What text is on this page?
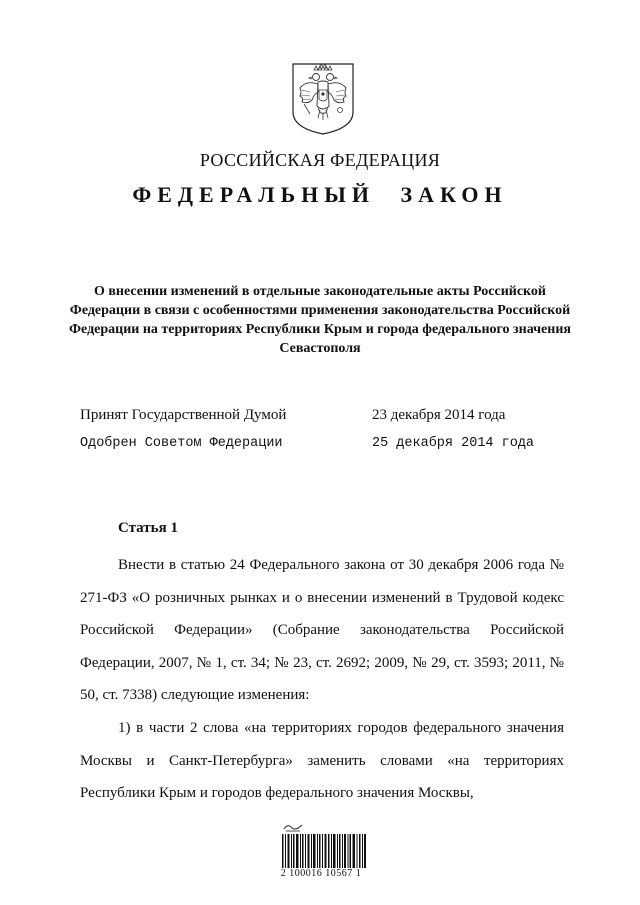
РОССИЙСКАЯ ФЕДЕРАЦИЯ
ФЕДЕРАЛЬНЫЙ ЗАКОН
О внесении изменений в отдельные законодательные акты Российской Федерации в связи с особенностями применения законодательства Российской Федерации на территориях Республики Крым и города федерального значения Севастополя
Принят Государственной Думой	23 декабря 2014 года
Одобрен Советом Федерации	25 декабря 2014 года
Статья 1

Внести в статью 24 Федерального закона от 30 декабря 2006 года № 271-ФЗ «О розничных рынках и о внесении изменений в Трудовой кодекс Российской Федерации» (Собрание законодательства Российской Федерации, 2007, № 1, ст. 34; № 23, ст. 2692; 2009, № 29, ст. 3593; 2011, № 50, ст. 7338) следующие изменения:

1) в части 2 слова «на территориях городов федерального значения Москвы и Санкт-Петербурга» заменить словами «на территориях Республики Крым и городов федерального значения Москвы,

2 100016 10567 1
